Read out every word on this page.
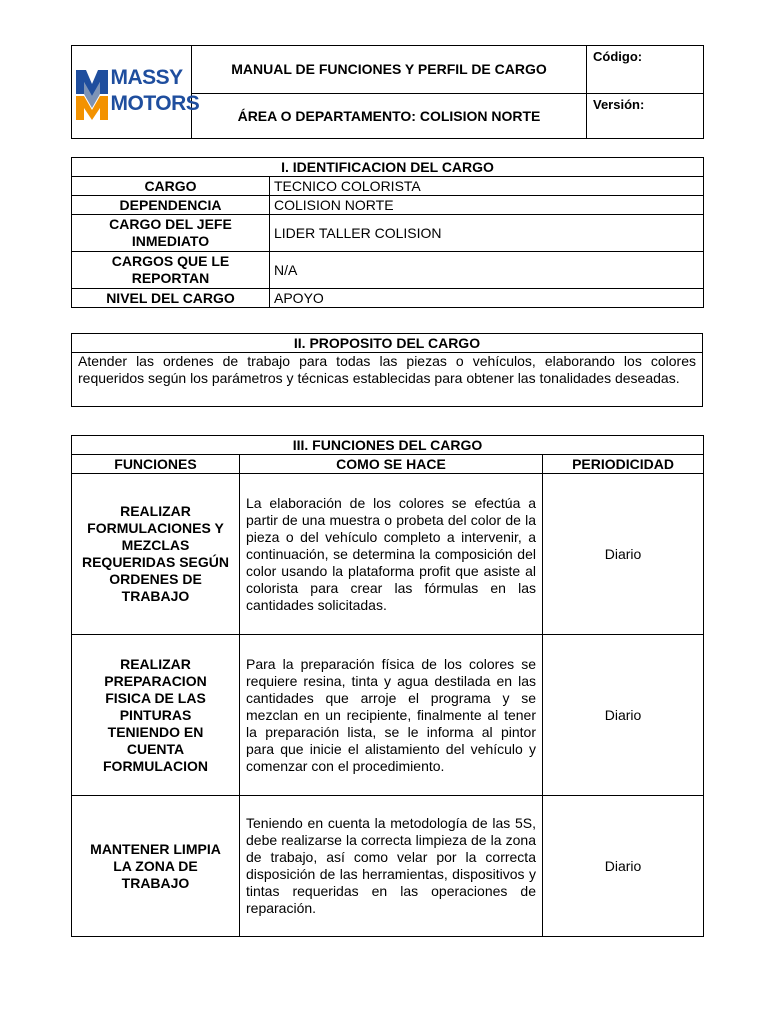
MASSY
MOTORS	MANUAL DE FUNCIONES Y PERFIL DE CARGO	Código:
	ÁREA O DEPARTAMENTO: COLISION NORTE	Versión:
I. IDENTIFICACION DEL CARGO	
CARGO	TECNICO COLORISTA
DEPENDENCIA	COLISION NORTE
CARGO DEL JEFE INMEDIATO	LIDER TALLER COLISION
CARGOS QUE LE REPORTAN	N/A
NIVEL DEL CARGO	APOYO
II. PROPOSITO DEL CARGO
Atender las ordenes de trabajo para todas las piezas o vehículos, elaborando los colores requeridos según los parámetros y técnicas establecidas para obtener las tonalidades deseadas.
III. FUNCIONES DEL CARGO		
FUNCIONES	COMO SE HACE	PERIODICIDAD
REALIZAR FORMULACIONES Y MEZCLAS REQUERIDAS SEGÚN ORDENES DE TRABAJO	La elaboración de los colores se efectúa a partir de una muestra o probeta del color de la pieza o del vehículo completo a intervenir, a continuación, se determina la composición del color usando la plataforma profit que asiste al colorista para crear las fórmulas en las cantidades solicitadas.	Diario
REALIZAR PREPARACION FISICA DE LAS PINTURAS TENIENDO EN CUENTA FORMULACION	Para la preparación física de los colores se requiere resina, tinta y agua destilada en las cantidades que arroje el programa y se mezclan en un recipiente, finalmente al tener la preparación lista, se le informa al pintor para que inicie el alistamiento del vehículo y comenzar con el procedimiento.	Diario
MANTENER LIMPIA LA ZONA DE TRABAJO	Teniendo en cuenta la metodología de las 5S, debe realizarse la correcta limpieza de la zona de trabajo, así como velar por la correcta disposición de las herramientas, dispositivos y tintas requeridas en las operaciones de reparación.	Diario
